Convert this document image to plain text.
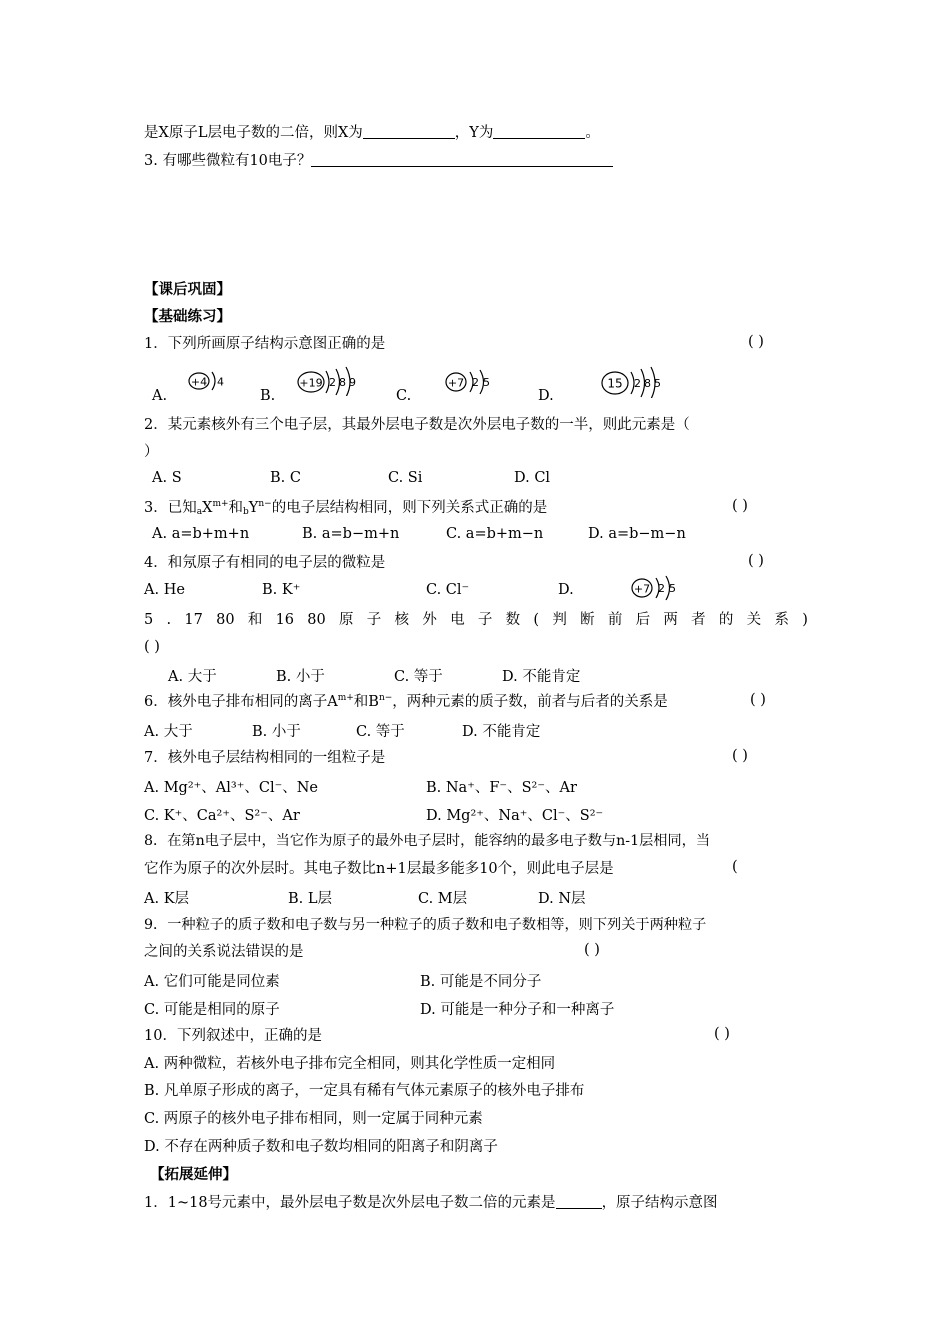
是X原子L层电子数的二倍，则X为	，Y为	。
3. 有哪些微粒有10电子？
【课后巩固】
【基础练习】
1．下列所画原子结构示意图正确的是	( )
A.
+4 4
B.
+19 2 8 9
C.
+7 2 5
D.
15 2 8 5
2．某元素核外有三个电子层，其最外层电子数是次外层电子数的一半，则此元素是（
）
A. S	B. C	C. Si	D. Cl
3．已知$_aX^{m+}$和$_bY^{n-}$的电子层结构相同，则下列关系式正确的是	( )
A. a=b+m+n	B. a=b−m+n	C. a=b+m−n	D. a=b−m−n
4．和氖原子有相同的电子层的微粒是	( )
A. He	B. K⁺	C. Cl⁻	D.	+7 2 5
5 . 17 80 和 16 80 原 子 核 外 电 子 数 ( 判 断 前 后 两 者 的 关 系 )
( )
A. 大于	B. 小于	C. 等于	D. 不能肯定
6．核外电子排布相同的离子$A^{m+}$和$B^{n-}$，两种元素的质子数，前者与后者的关系是	( )
A. 大于	B. 小于	C. 等于	D. 不能肯定
7．核外电子层结构相同的一组粒子是	( )
A. Mg²⁺、Al³⁺、Cl⁻、Ne	B. Na⁺、F⁻、S²⁻、Ar
C. K⁺、Ca²⁺、S²⁻、Ar	D. Mg²⁺、Na⁺、Cl⁻、S²⁻
8．在第n电子层中，当它作为原子的最外电子层时，能容纳的最多电子数与n-1层相同，当
它作为原子的次外层时。其电子数比n+1层最多能多10个，则此电子层是	(
A. K层	B. L层	C. M层	D. N层
9．一种粒子的质子数和电子数与另一种粒子的质子数和电子数相等，则下列关于两种粒子
之间的关系说法错误的是	( )
A. 它们可能是同位素	B. 可能是不同分子
C. 可能是相同的原子	D. 可能是一种分子和一种离子
10．下列叙述中，正确的是	( )
A. 两种微粒，若核外电子排布完全相同，则其化学性质一定相同
B. 凡单原子形成的离子，一定具有稀有气体元素原子的核外电子排布
C. 两原子的核外电子排布相同，则一定属于同种元素
D. 不存在两种质子数和电子数均相同的阳离子和阴离子
【拓展延伸】
1．1~18号元素中，最外层电子数是次外层电子数二倍的元素是	，原子结构示意图
